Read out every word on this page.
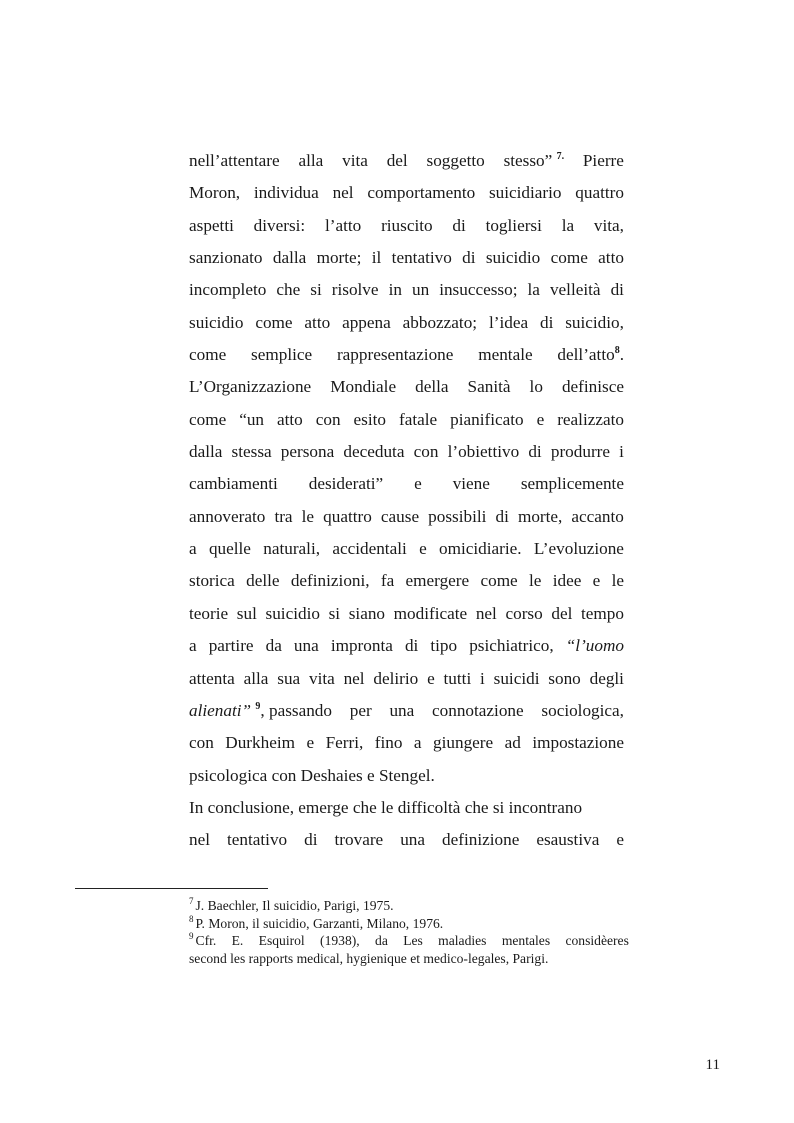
nell’attentare alla vita del soggetto stesso” $^{7.}$ Pierre
Moron, individua nel comportamento suicidiario quattro
aspetti diversi: l’atto riuscito di togliersi la vita,
sanzionato dalla morte; il tentativo di suicidio come atto
incompleto che si risolve in un insuccesso; la velleità di
suicidio come atto appena abbozzato; l’idea di suicidio,
come semplice rappresentazione mentale dell’atto$^8$.
L’Organizzazione Mondiale della Sanità lo definisce
come “un atto con esito fatale pianificato e realizzato
dalla stessa persona deceduta con l’obiettivo di produrre i
cambiamenti desiderati” e viene semplicemente
annoverato tra le quattro cause possibili di morte, accanto
a quelle naturali, accidentali e omicidiarie. L’evoluzione
storica delle definizioni, fa emergere come le idee e le
teorie sul suicidio si siano modificate nel corso del tempo
a partire da una impronta di tipo psichiatrico, “l’uomo
attenta alla sua vita nel delirio e tutti i suicidi sono degli
alienati” $^9$, passando per una connotazione sociologica,
con Durkheim e Ferri, fino a giungere ad impostazione
psicologica con Deshaies e Stengel.
In conclusione, emerge che le difficoltà che si incontrano
nel tentativo di trovare una definizione esaustiva e
$^7$ J. Baechler, Il suicidio, Parigi, 1975.
$^8$ P. Moron, il suicidio, Garzanti, Milano, 1976.
$^9$ Cfr. E. Esquirol (1938), da Les maladies mentales considèeres
second les rapports medical, hygienique et medico-legales, Parigi.
11
